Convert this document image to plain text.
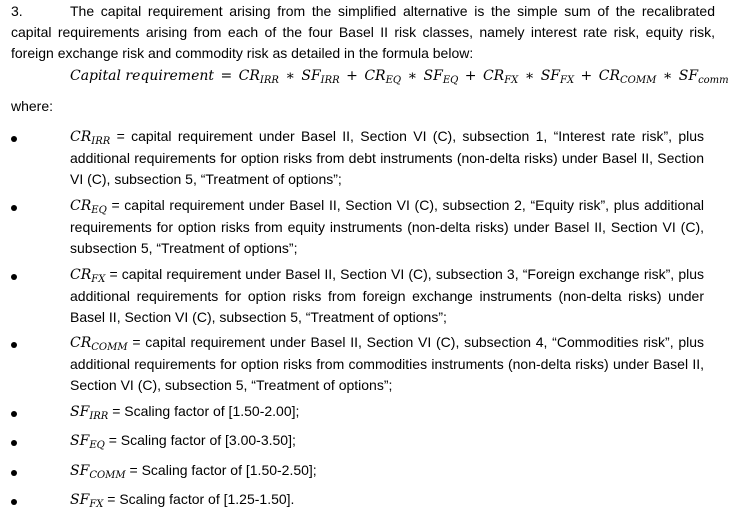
3.	The capital requirement arising from the simplified alternative is the simple sum of the recalibrated capital requirements arising from each of the four Basel II risk classes, namely interest rate risk, equity risk, foreign exchange risk and commodity risk as detailed in the formula below:
Capital requirement = $CR_{IRR}$ ∗ $SF_{IRR} + CR_{EQ}$ ∗ $SF_{EQ} + CR_{FX}$ ∗ $SF_{FX} + CR_{COMM}$ ∗ $SF_{comm}$
where:
$CR_{IRR}$ = capital requirement under Basel II, Section VI (C), subsection 1, “Interest rate risk”, plus additional requirements for option risks from debt instruments (non-delta risks) under Basel II, Section VI (C), subsection 5, “Treatment of options”;
$CR_{EQ}$ = capital requirement under Basel II, Section VI (C), subsection 2, “Equity risk”, plus additional requirements for option risks from equity instruments (non-delta risks) under Basel II, Section VI (C), subsection 5, “Treatment of options”;
$CR_{FX}$ = capital requirement under Basel II, Section VI (C), subsection 3, “Foreign exchange risk”, plus additional requirements for option risks from foreign exchange instruments (non-delta risks) under Basel II, Section VI (C), subsection 5, “Treatment of options”;
$CR_{COMM}$ = capital requirement under Basel II, Section VI (C), subsection 4, “Commodities risk”, plus additional requirements for option risks from commodities instruments (non-delta risks) under Basel II, Section VI (C), subsection 5, “Treatment of options”;
$SF_{IRR}$ = Scaling factor of [1.50-2.00];
$SF_{EQ}$ = Scaling factor of [3.00-3.50];
$SF_{COMM}$ = Scaling factor of [1.50-2.50];
$SF_{FX}$ = Scaling factor of [1.25-1.50].
